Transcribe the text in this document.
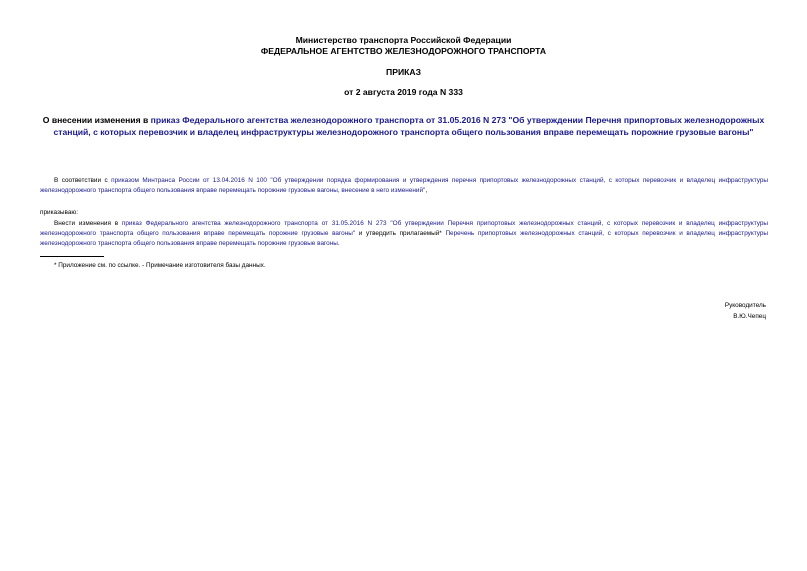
Министерство транспорта Российской Федерации
ФЕДЕРАЛЬНОЕ АГЕНТСТВО ЖЕЛЕЗНОДОРОЖНОГО ТРАНСПОРТА
ПРИКАЗ
от 2 августа 2019 года N 333
О внесении изменения в приказ Федерального агентства железнодорожного транспорта от 31.05.2016 N 273 "Об утверждении Перечня припортовых железнодорожных станций, с которых перевозчик и владелец инфраструктуры железнодорожного транспорта общего пользования вправе перемещать порожние грузовые вагоны"
В соответствии с приказом Минтранса России от 13.04.2016 N 100 "Об утверждении порядка формирования и утверждения перечня припортовых железнодорожных станций, с которых перевозчик и владелец инфраструктуры железнодорожного транспорта общего пользования вправе перемещать порожние грузовые вагоны, внесение в него изменений",
приказываю:
Внести изменения в приказ Федерального агентства железнодорожного транспорта от 31.05.2016 N 273 "Об утверждении Перечня припортовых железнодорожных станций, с которых перевозчик и владелец инфраструктуры железнодорожного транспорта общего пользования вправе перемещать порожние грузовые вагоны" и утвердить прилагаемый* Перечень припортовых железнодорожных станций, с которых перевозчик и владелец инфраструктуры железнодорожного транспорта общего пользования вправе перемещать порожние грузовые вагоны.
* Приложение см. по ссылке. - Примечание изготовителя базы данных.
Руководитель
В.Ю.Чепец
